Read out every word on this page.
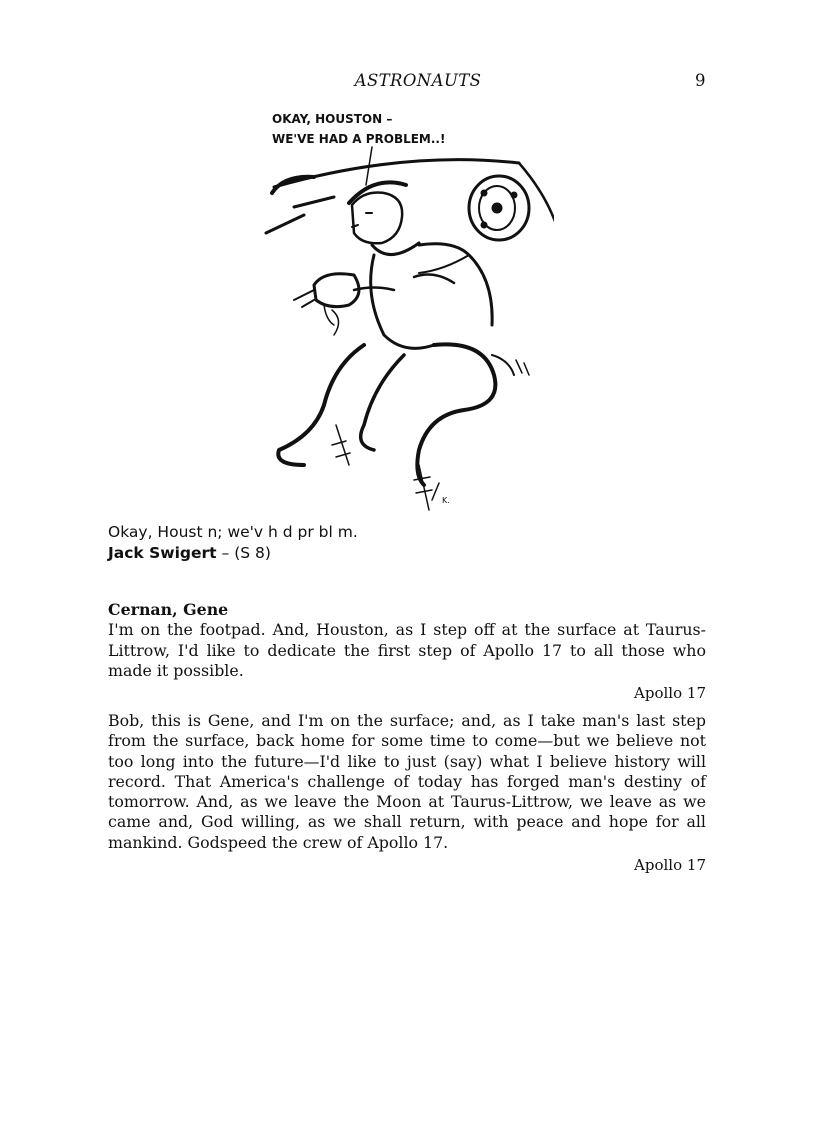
ASTRONAUTS	9
OKAY, HOUSTON –
WE'VE HAD A PROBLEM..!
K.
Okay, Houst n; we'v h d pr bl m.
Jack Swigert – (S 8)
Cernan, Gene
I'm on the footpad. And, Houston, as I step off at the surface at Taurus-Littrow, I'd like to dedicate the first step of Apollo 17 to all those who made it possible.
Apollo 17
Bob, this is Gene, and I'm on the surface; and, as I take man's last step from the surface, back home for some time to come—but we believe not too long into the future—I'd like to just (say) what I believe history will record. That America's challenge of today has forged man's destiny of tomorrow. And, as we leave the Moon at Taurus-Littrow, we leave as we came and, God willing, as we shall return, with peace and hope for all mankind. Godspeed the crew of Apollo 17.
Apollo 17
